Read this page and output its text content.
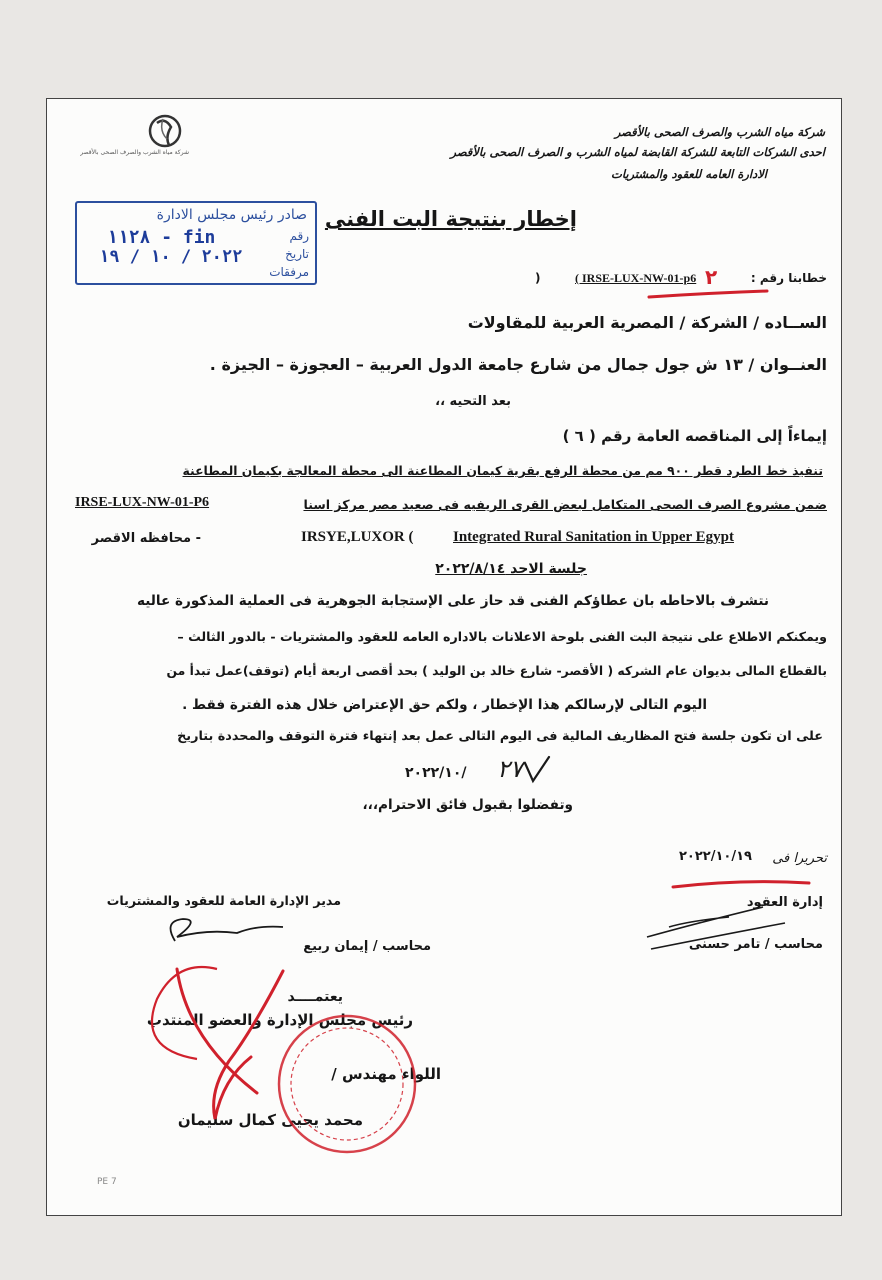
شركة مياه الشرب والصرف الصحى بالأقصر
احدى الشركات التابعة للشركة القابضة لمياه الشرب و الصرف الصحى بالأقصر
الادارة العامه للعقود والمشتريات
شركة مياه الشرب والصرف الصحى بالأقصر
إخطار بنتيجة البت الفنى
صادر رئيس مجلس الادارة
رقم
١١٢٨ - fin
تاريخ
٢٠٢٢ / ١٠ / ١٩
مرفقات	خطابنا رقم :
( IRSE-LUX-NW-01-p6
)	٢
الســاده / الشركة / المصرية العربية للمقاولات
العنــوان / ١٣ ش جول جمال من شارع جامعة الدول العربية – العجوزة – الجيزة .
بعد التحيه ،،
إيماءاً إلى المناقصه العامة رقم ( ٦ )
تنفيذ خط الطرد قطر ٩٠٠ مم من محطة الرفع بقرية كيمان المطاعنة الى محطة المعالجة بكيمان المطاعنة
ضمن مشروع الصرف الصحى المتكامل لبعض القرى الريفيه فى صعيد مصر مركز اسنا
IRSE-LUX-NW-01-P6
- محافظه الاقصر	IRSYE,LUXOR (	Integrated Rural Sanitation in Upper Egypt
جلسة الاحد ٢٠٢٢/٨/١٤
نتشرف بالاحاطه بان عطاؤكم الفنى قد حاز على الإستجابة الجوهرية فى العملية المذكورة عاليه
ويمكنكم الاطلاع على نتيجة البت الفنى بلوحة الاعلانات بالاداره العامه للعقود والمشتريات - بالدور الثالث –
بالقطاع المالى بديوان عام الشركه ( الأقصر- شارع خالد بن الوليد ) بحد أقصى اربعة أيام (توقف)عمل تبدأ من
اليوم التالى لإرسالكم هذا الإخطار ، ولكم حق الإعتراض خلال هذه الفترة فقط .
على ان تكون جلسة فتح المظاريف المالية فى اليوم التالى عمل بعد إنتهاء فترة التوقف والمحددة بتاريخ
٢٠٢٢/١٠/ ٢٧
وتفضلوا بقبول فائق الاحترام،،،
٢٠٢٢/١٠/١٩ تحريرا فى
إدارة العقود
محاسب / تامر حسنى
مدير الإدارة العامة للعقود والمشتريات
محاسب / إيمان ربيع
يعتمــــد
رئيس مجلس الإدارة والعضو المنتدب
اللواء مهندس /
محمد يحيى كمال سليمان
PE 7
